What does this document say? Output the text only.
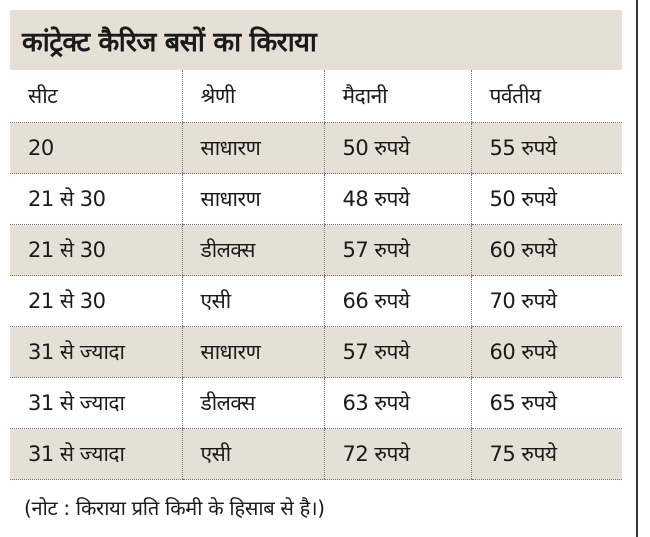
कांट्रेक्ट कैरिज बसों का किराया
सीट	श्रेणी	मैदानी	पर्वतीय
20	साधारण	50 रुपये	55 रुपये
21 से 30	साधारण	48 रुपये	50 रुपये
21 से 30	डीलक्स	57 रुपये	60 रुपये
21 से 30	एसी	66 रुपये	70 रुपये
31 से ज्यादा	साधारण	57 रुपये	60 रुपये
31 से ज्यादा	डीलक्स	63 रुपये	65 रुपये
31 से ज्यादा	एसी	72 रुपये	75 रुपये
(नोट : किराया प्रति किमी के हिसाब से है।)
